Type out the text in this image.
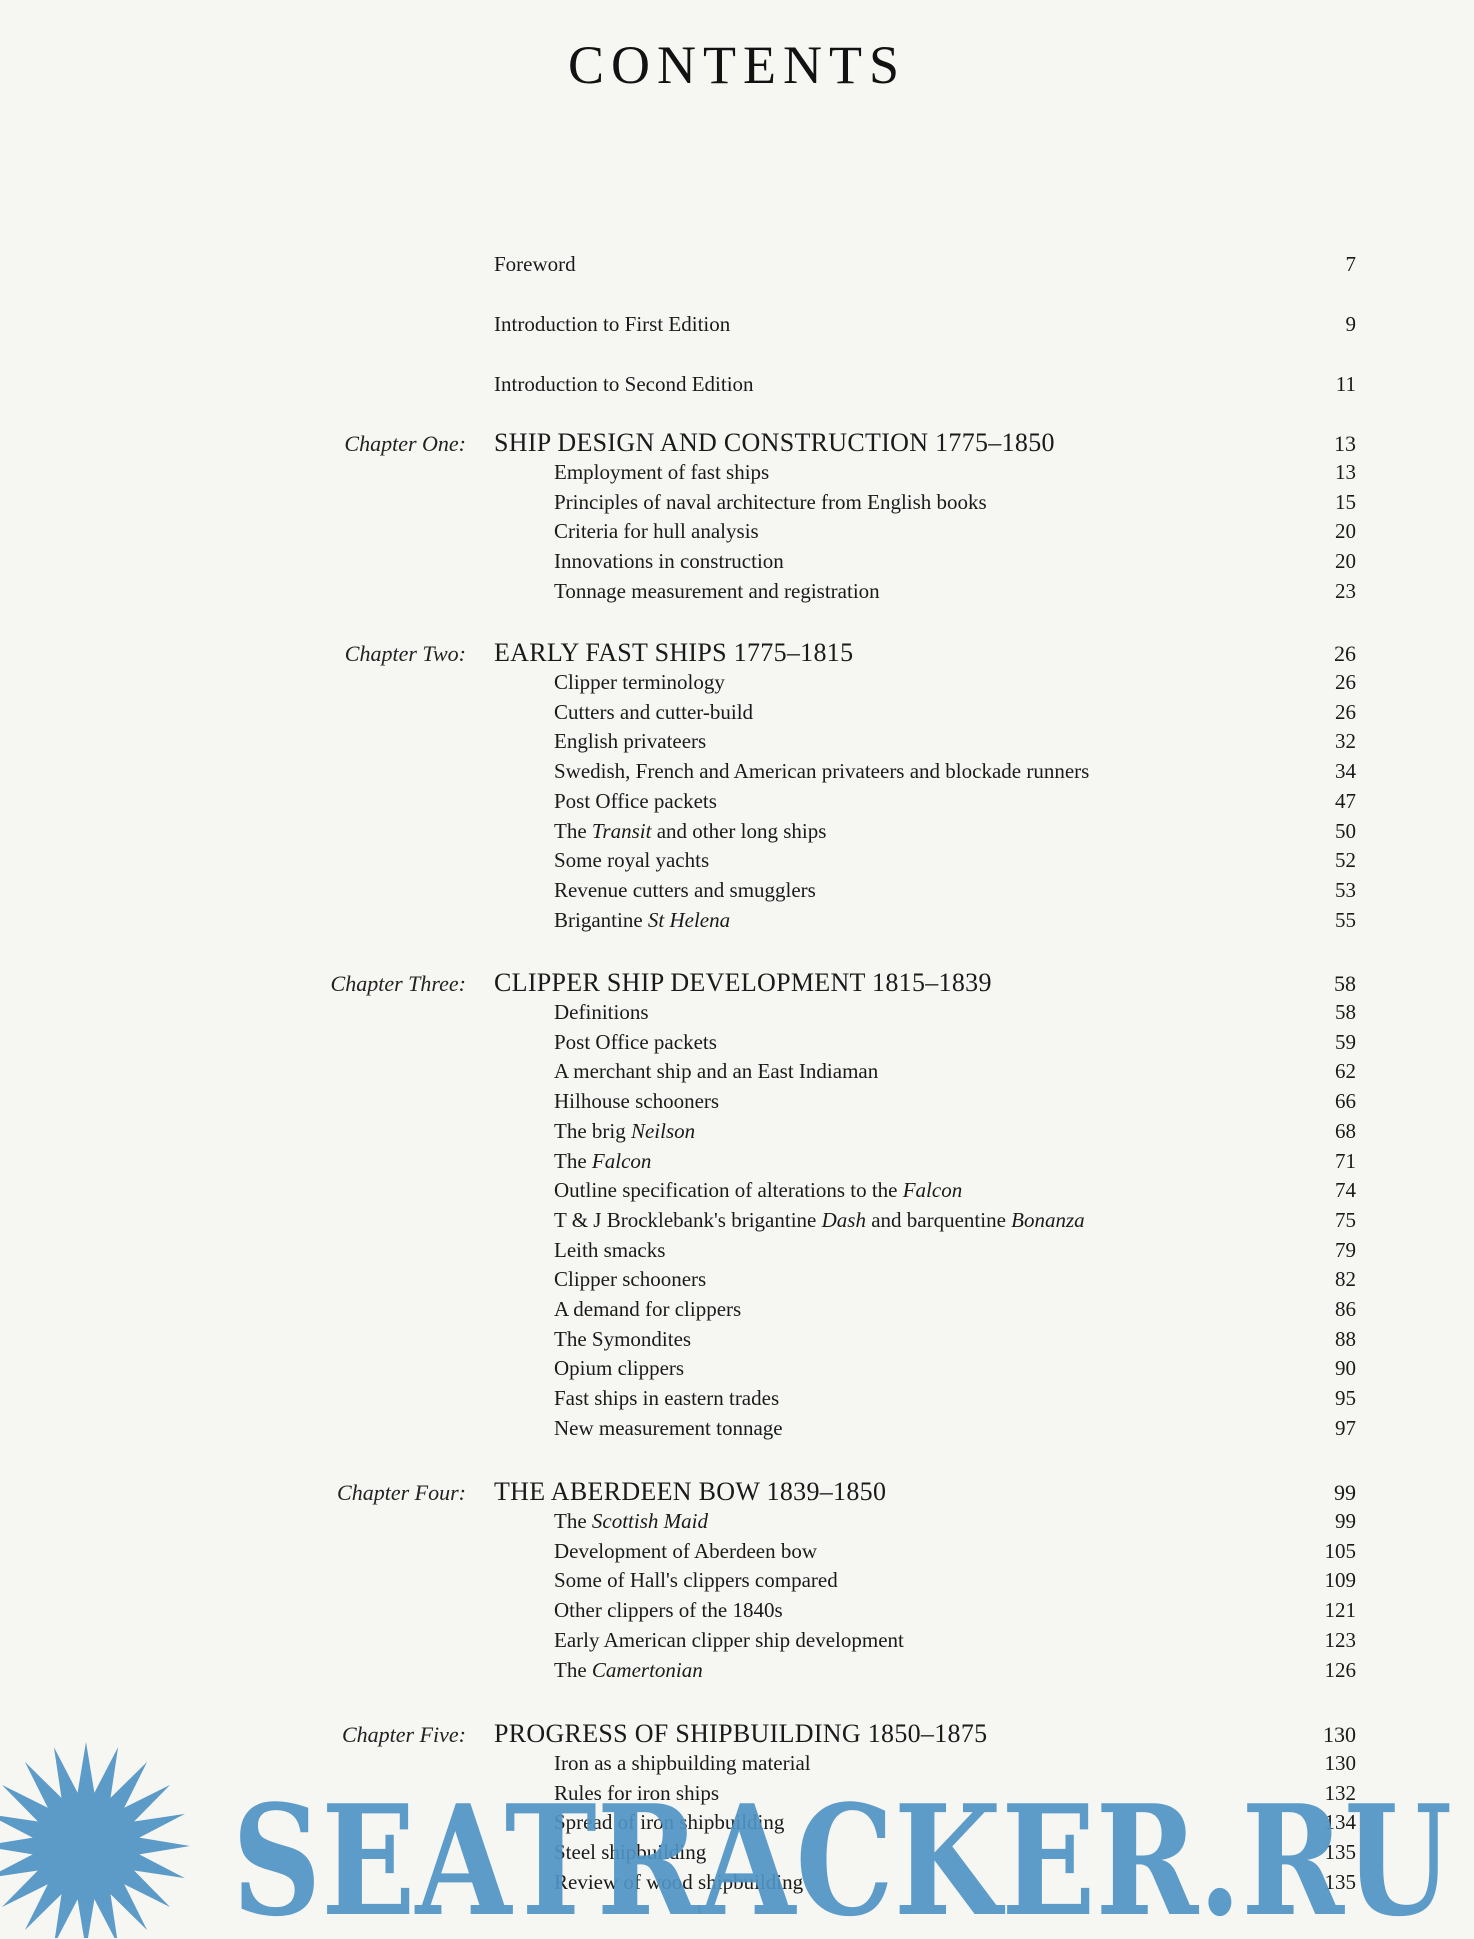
CONTENTS
Foreword	7
Introduction to First Edition	9
Introduction to Second Edition	11
Chapter One: SHIP DESIGN AND CONSTRUCTION 1775–1850	13
Employment of fast ships	13
Principles of naval architecture from English books	15
Criteria for hull analysis	20
Innovations in construction	20
Tonnage measurement and registration	23
Chapter Two: EARLY FAST SHIPS 1775–1815	26
Clipper terminology	26
Cutters and cutter-build	26
English privateers	32
Swedish, French and American privateers and blockade runners	34
Post Office packets	47
The Transit and other long ships	50
Some royal yachts	52
Revenue cutters and smugglers	53
Brigantine St Helena	55
Chapter Three: CLIPPER SHIP DEVELOPMENT 1815–1839	58
Definitions	58
Post Office packets	59
A merchant ship and an East Indiaman	62
Hilhouse schooners	66
The brig Neilson	68
The Falcon	71
Outline specification of alterations to the Falcon	74
T & J Brocklebank's brigantine Dash and barquentine Bonanza	75
Leith smacks	79
Clipper schooners	82
A demand for clippers	86
The Symondites	88
Opium clippers	90
Fast ships in eastern trades	95
New measurement tonnage	97
Chapter Four: THE ABERDEEN BOW 1839–1850	99
The Scottish Maid	99
Development of Aberdeen bow	105
Some of Hall's clippers compared	109
Other clippers of the 1840s	121
Early American clipper ship development	123
The Camertonian	126
Chapter Five: PROGRESS OF SHIPBUILDING 1850–1875	130
Iron as a shipbuilding material	130
Rules for iron ships	132
Spread of iron shipbuilding	134
Steel shipbuilding	135
Review of wood shipbuilding	135
SEATRACKER.RU
